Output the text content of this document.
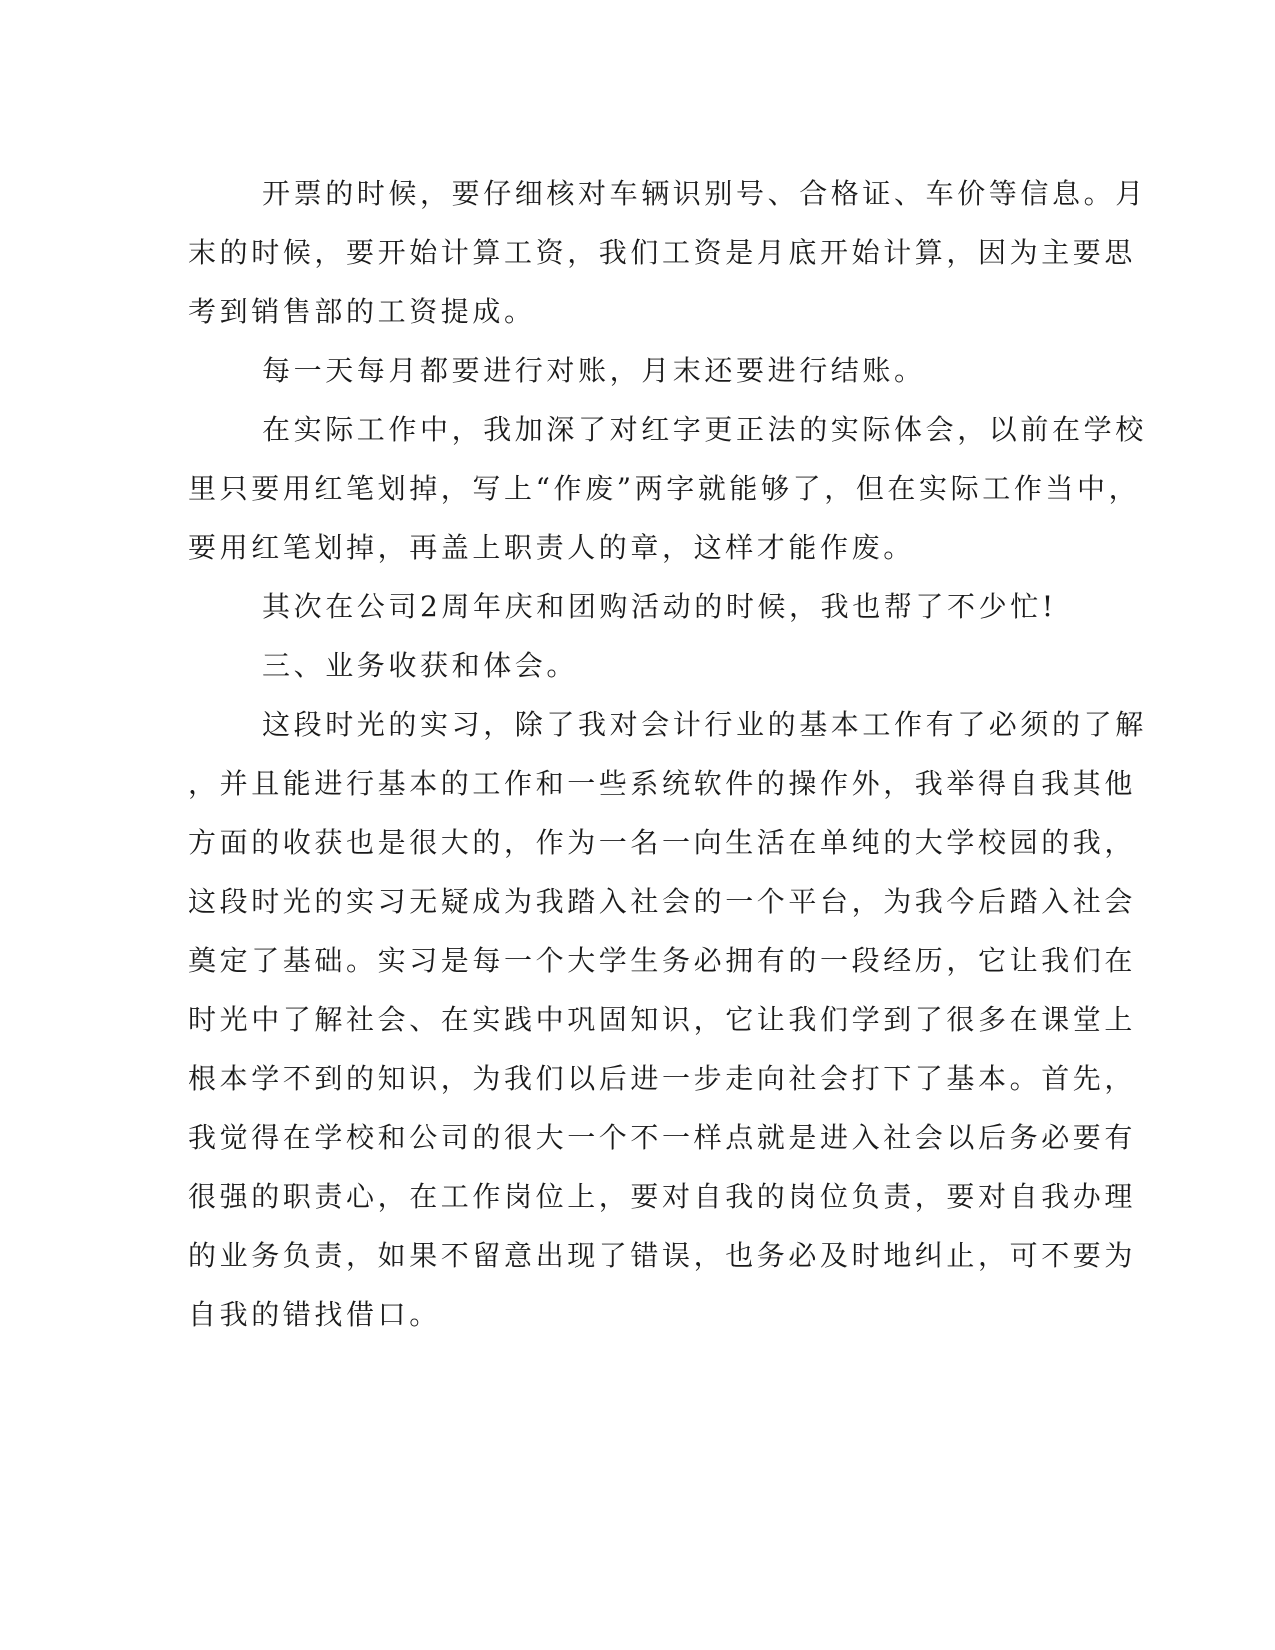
开票的时候，要仔细核对车辆识别号、合格证、车价等信息。月
末的时候，要开始计算工资，我们工资是月底开始计算，因为主要思
考到销售部的工资提成。
每一天每月都要进行对账，月末还要进行结账。
在实际工作中，我加深了对红字更正法的实际体会，以前在学校
里只要用红笔划掉，写上“作废”两字就能够了，但在实际工作当中，
要用红笔划掉，再盖上职责人的章，这样才能作废。
其次在公司2周年庆和团购活动的时候，我也帮了不少忙!
三、业务收获和体会。
这段时光的实习，除了我对会计行业的基本工作有了必须的了解
，并且能进行基本的工作和一些系统软件的操作外，我举得自我其他
方面的收获也是很大的，作为一名一向生活在单纯的大学校园的我，
这段时光的实习无疑成为我踏入社会的一个平台，为我今后踏入社会
奠定了基础。实习是每一个大学生务必拥有的一段经历，它让我们在
时光中了解社会、在实践中巩固知识，它让我们学到了很多在课堂上
根本学不到的知识，为我们以后进一步走向社会打下了基本。首先，
我觉得在学校和公司的很大一个不一样点就是进入社会以后务必要有
很强的职责心，在工作岗位上，要对自我的岗位负责，要对自我办理
的业务负责，如果不留意出现了错误，也务必及时地纠止，可不要为
自我的错找借口。
